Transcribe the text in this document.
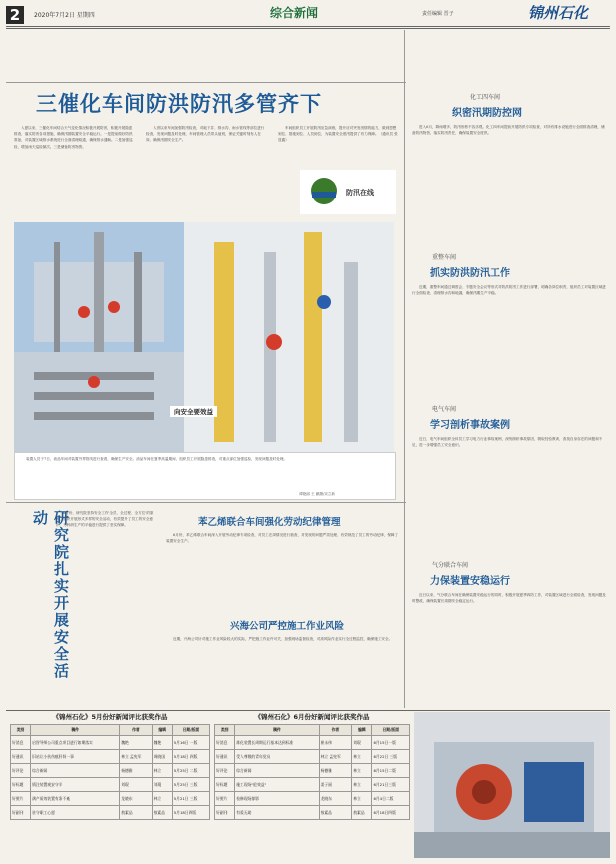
2	2020年7月2日 星期四	综合新闻	责任编辑 晋子	锦州石化
三催化车间防洪防汛多管齐下

入夏以来，三催化车间结合天气变化情况积极开展防汛，积极开展隐患排查，落实防汛各项措施，确保汛期装置安全平稳运行。一是提前做好防汛准备，对装置区域排水系统进行全面清理疏通，确保排水通畅。二是加强巡检，增加雨天巡检频次。三是储备防汛物资。

入汛以来车间加强防汛检查，对地下井、排水沟、雨水管线等部位进行检查，发现问题及时处理，车间管理人员带头值班，保证关键时刻有人在岗，确保汛期安全生产。

车间组织员工开展防汛应急演练，提升应对突发汛情的能力，做到思想到位、措施到位、人员到位，为装置安全度汛提供了有力保障。（通讯员 张显鑫）

防汛在线
向安全要效益
装置人员于7日，油品车间对装置外界管线进行查看，确保生产安全。油品车间在夏季高温期间，组织员工开展隐患排查，对重点部位加强巡检，发现问题及时处理。
谭艳丽 王 鹏摄/宋立新
化工四车间
织密汛期防控网
进入6月，降雨增多，防汛形势不容乐观。化工四车间提前开展防汛专项检查，对所有排水设施进行全面排查清理，储备防汛物资，落实防汛责任，确保装置安全度汛。
重整车间
抓实防洪防汛工作
近期，重整车间通过调度会、专题安全会议等形式对防洪防汛工作进行部署，明确各岗位职责，组织员工对装置区域进行全面检查，清理排水沟和地漏，确保汛期生产平稳。
电气车间
学习剖析事故案例
近日，电气车间组织全体员工学习电力行业事故案例，深刻剖析事故原因，吸取经验教训，查找自身存在的问题和不足，进一步增强员工安全意识。
气分联合车间
力保装置安稳运行
近日以来，气分联合车间在确保装置安稳运行的同时，积极开展夏季四防工作，对装置区域进行全面检查，发现问题及时整改，确保装置长周期安全稳定运行。
研究院扎实开展安全活动	6月份，研究院坚持安全工作'全员、全过程、全方位'的原则，组织开展形式多样的安全活动，有效提升了员工的安全意识，为科研生产的平稳进行提供了坚实保障。	苯乙烯联合车间强化劳动纪律管理
6月份，苯乙烯联合车间深入开展劳动纪律专项检查，对员工在岗情况进行抽查，对发现的问题严肃处理，有效规范了员工的劳动纪律，保障了装置安全生产。
兴海公司严控施工作业风险
近期，兴海公司针对施工作业风险较大的实际，严把施工作业许可关，加强现场监督检查，对高风险作业实行全过程监控，确保施工安全。
《锦州石化》5月份好新闻评比获奖作品	《锦州石化》6月份好新闻评比获奖作品
类别	稿件	作者	编辑	日期/版面
好消息	启智导师公司重点项目进行如期落实	魏艳	魏艳	5月16日 一版
好通讯	旧站让小伙伤痕肝肾一事	林立 孟宪军	周晓国	5月18日 四版
好评论	综合新闻	杨德雅	林立	5月25日 二版
好标题	情注装置观安守半	刘琨	刘琨	5月25日 三版
好照片	满产质效装置有条不紊	龙晓东	林立	5月21日 三版
好副刊	驻守职工心愿	敖素品	敖素品	5月18日四版
类别	稿件	作者	编辑	日期/版面
好消息	炼化装置长周期运行基本达到标准	崔永伟	刘琨	6月15日一版
好通讯	受人尊敬的青年党员	林立 孟宪军	林立	6月22日 三版
好评论	综合新闻	杨德雅	林立	6月15日二版
好标题	施工现场"抢效益"	姜子丽	林立	6月21日三版
好照片	检修现场掠影	龙晓东	林立	6月4日二版
好副刊	有爱无助	敖素品	敖素品	6月18日四版
